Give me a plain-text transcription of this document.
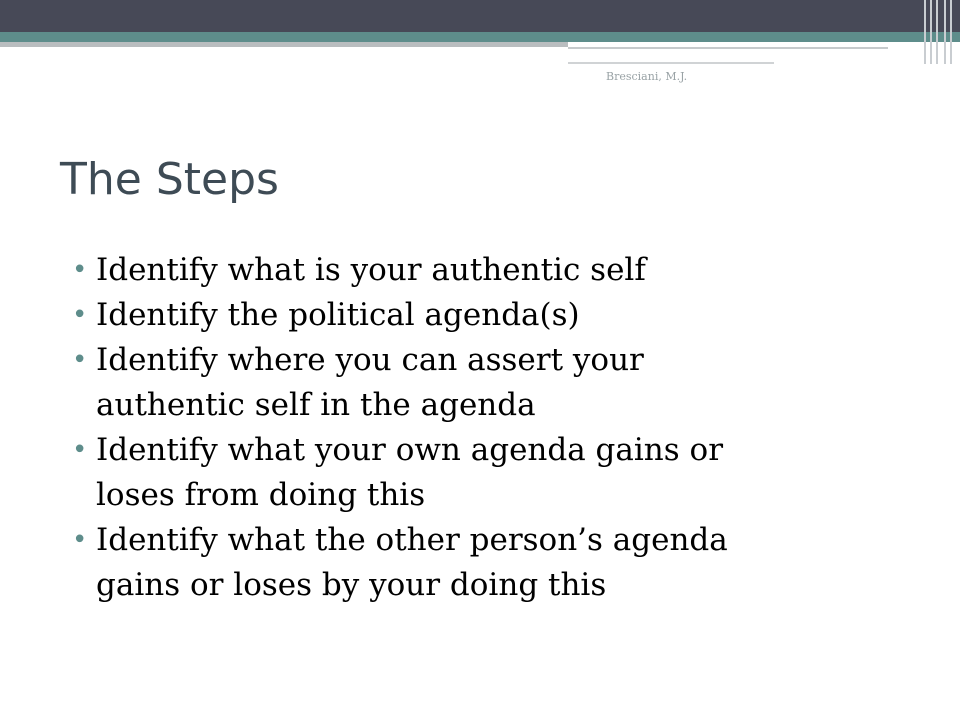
Bresciani, M.J.
The Steps
• Identify what is your authentic self
• Identify the political agenda(s)
• Identify where you can assert your
authentic self in the agenda
• Identify what your own agenda gains or
loses from doing this
• Identify what the other person’s agenda
gains or loses by your doing this
